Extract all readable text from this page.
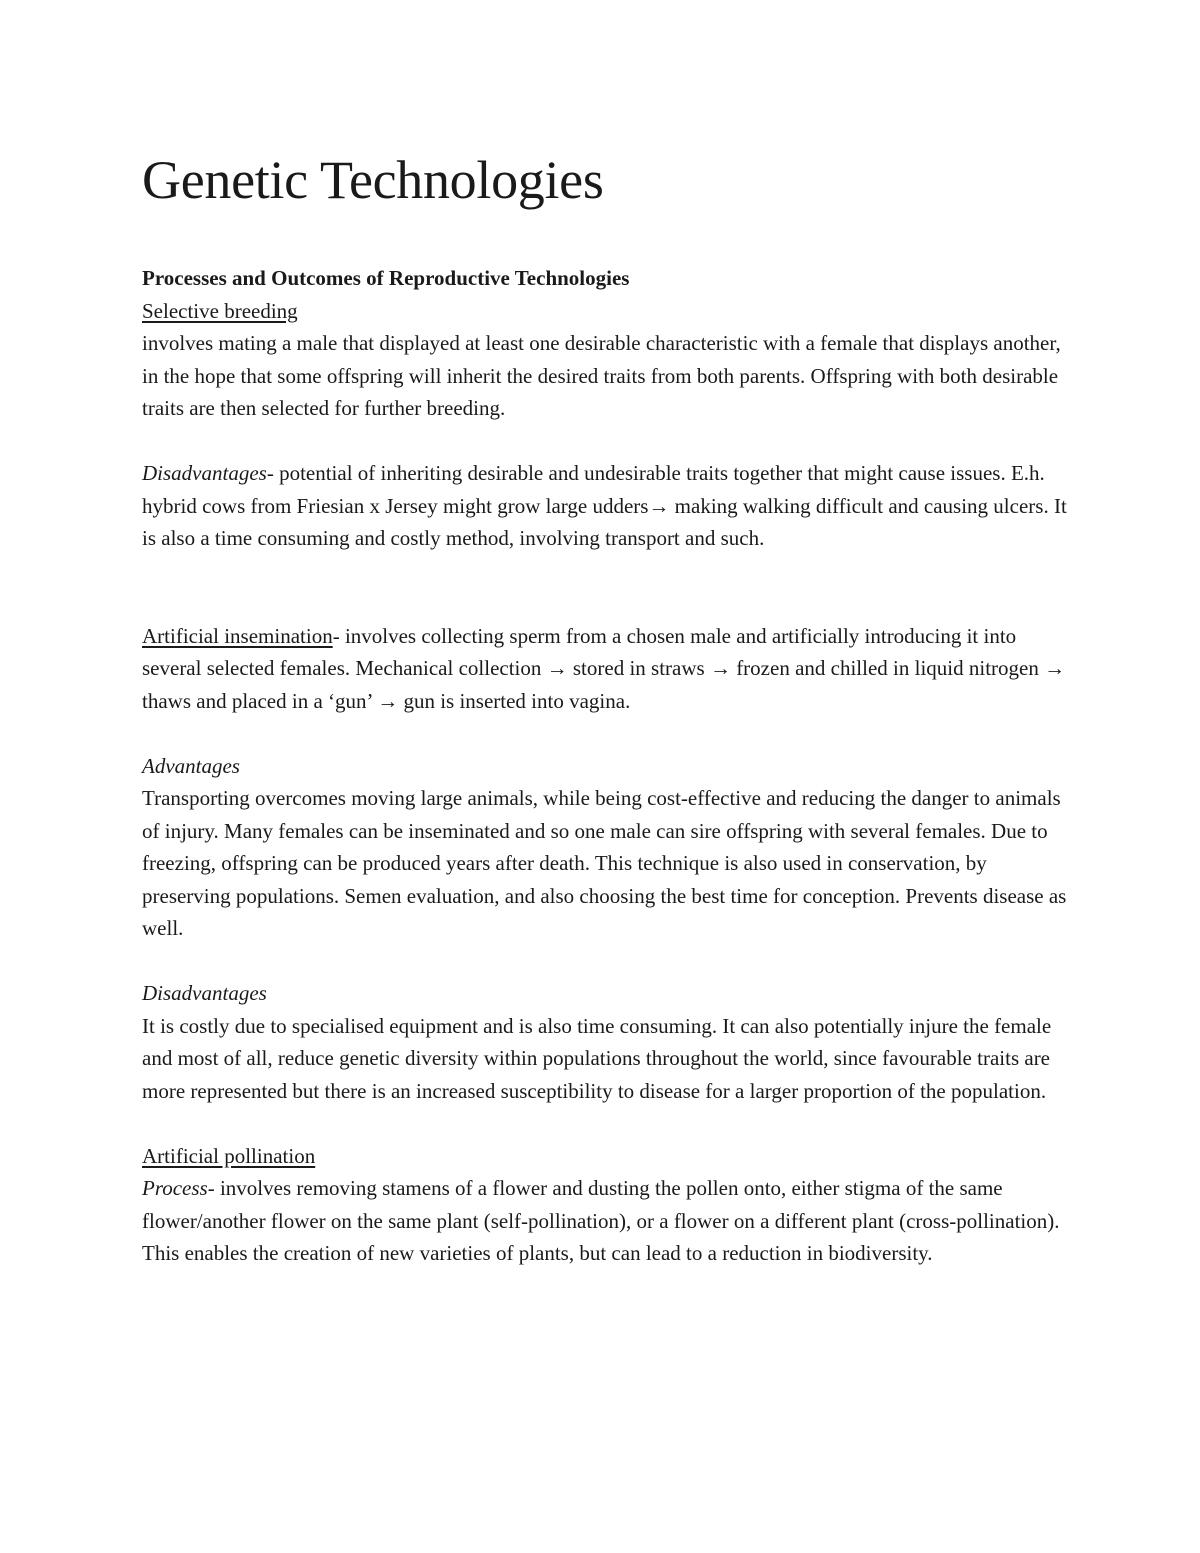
Genetic Technologies

Processes and Outcomes of Reproductive Technologies

Selective breeding

involves mating a male that displayed at least one desirable characteristic with a female that displays another, in the hope that some offspring will inherit the desired traits from both parents. Offspring with both desirable traits are then selected for further breeding.

Disadvantages- potential of inheriting desirable and undesirable traits together that might cause issues. E.h. hybrid cows from Friesian x Jersey might grow large udders→ making walking difficult and causing ulcers. It is also a time consuming and costly method, involving transport and such.

Artificial insemination- involves collecting sperm from a chosen male and artificially introducing it into several selected females. Mechanical collection → stored in straws → frozen and chilled in liquid nitrogen → thaws and placed in a ‘gun’ → gun is inserted into vagina.

Advantages

Transporting overcomes moving large animals, while being cost-effective and reducing the danger to animals of injury. Many females can be inseminated and so one male can sire offspring with several females. Due to freezing, offspring can be produced years after death. This technique is also used in conservation, by preserving populations. Semen evaluation, and also choosing the best time for conception. Prevents disease as well.

Disadvantages

It is costly due to specialised equipment and is also time consuming. It can also potentially injure the female and most of all, reduce genetic diversity within populations throughout the world, since favourable traits are more represented but there is an increased susceptibility to disease for a larger proportion of the population.

Artificial pollination

Process- involves removing stamens of a flower and dusting the pollen onto, either stigma of the same flower/another flower on the same plant (self-pollination), or a flower on a different plant (cross-pollination). This enables the creation of new varieties of plants, but can lead to a reduction in biodiversity.
